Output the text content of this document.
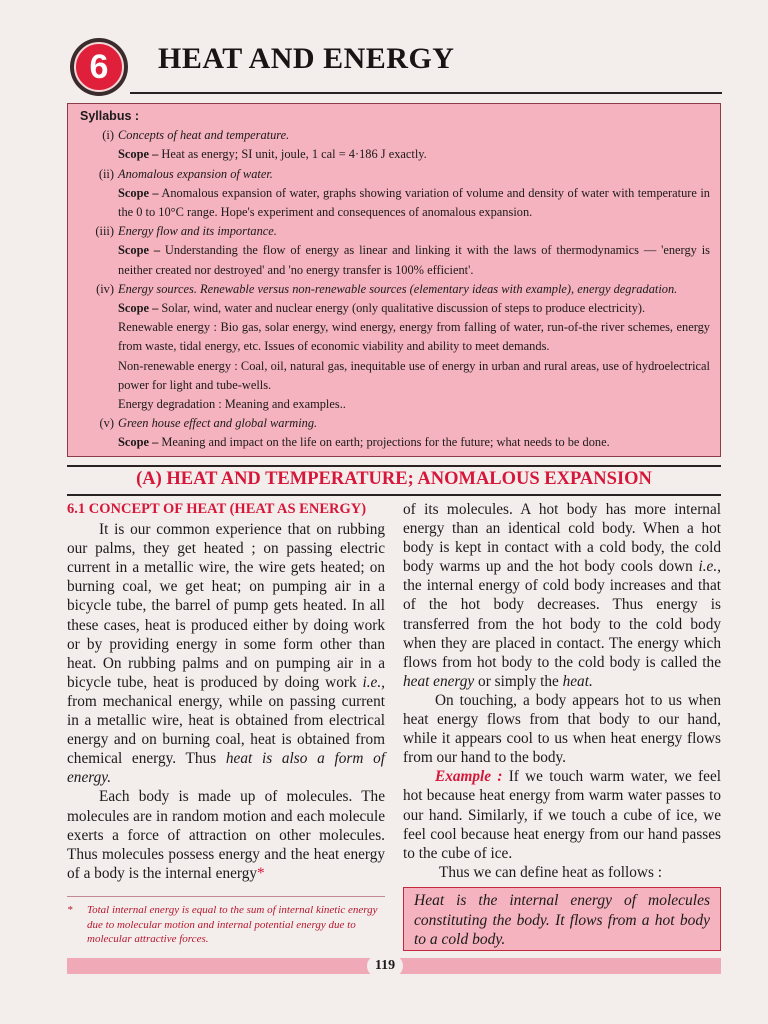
6	HEAT AND ENERGY
Syllabus :
(i) Concepts of heat and temperature.
Scope – Heat as energy; SI unit, joule, 1 cal = 4·186 J exactly.
(ii) Anomalous expansion of water.
Scope – Anomalous expansion of water, graphs showing variation of volume and density of water with temperature in the 0 to 10°C range. Hope's experiment and consequences of anomalous expansion.
(iii) Energy flow and its importance.
Scope – Understanding the flow of energy as linear and linking it with the laws of thermodynamics — 'energy is neither created nor destroyed' and 'no energy transfer is 100% efficient'.
(iv) Energy sources. Renewable versus non-renewable sources (elementary ideas with example), energy degradation.
Scope – Solar, wind, water and nuclear energy (only qualitative discussion of steps to produce electricity).
Renewable energy : Bio gas, solar energy, wind energy, energy from falling of water, run-of-the river schemes, energy from waste, tidal energy, etc. Issues of economic viability and ability to meet demands.
Non-renewable energy : Coal, oil, natural gas, inequitable use of energy in urban and rural areas, use of hydroelectrical power for light and tube-wells.
Energy degradation : Meaning and examples..
(v) Green house effect and global warming.
Scope – Meaning and impact on the life on earth; projections for the future; what needs to be done.
(A) HEAT AND TEMPERATURE; ANOMALOUS EXPANSION
6.1 CONCEPT OF HEAT (HEAT AS ENERGY)

It is our common experience that on rubbing our palms, they get heated ; on passing electric current in a metallic wire, the wire gets heated; on burning coal, we get heat; on pumping air in a bicycle tube, the barrel of pump gets heated. In all these cases, heat is produced either by doing work or by providing energy in some form other than heat. On rubbing palms and on pumping air in a bicycle tube, heat is produced by doing work i.e., from mechanical energy, while on passing current in a metallic wire, heat is obtained from electrical energy and on burning coal, heat is obtained from chemical energy. Thus heat is also a form of energy.

Each body is made up of molecules. The molecules are in random motion and each molecule exerts a force of attraction on other molecules. Thus molecules possess energy and the heat energy of a body is the internal energy*

*	Total internal energy is equal to the sum of internal kinetic energy due to molecular motion and internal potential energy due to molecular attractive forces.

of its molecules. A hot body has more internal energy than an identical cold body. When a hot body is kept in contact with a cold body, the cold body warms up and the hot body cools down i.e., the internal energy of cold body increases and that of the hot body decreases. Thus energy is transferred from the hot body to the cold body when they are placed in contact. The energy which flows from hot body to the cold body is called the heat energy or simply the heat.

On touching, a body appears hot to us when heat energy flows from that body to our hand, while it appears cool to us when heat energy flows from our hand to the body.

Example : If we touch warm water, we feel hot because heat energy from warm water passes to our hand. Similarly, if we touch a cube of ice, we feel cool because heat energy from our hand passes to the cube of ice.

Thus we can define heat as follows :

Heat is the internal energy of molecules constituting the body. It flows from a hot body to a cold body.
119
